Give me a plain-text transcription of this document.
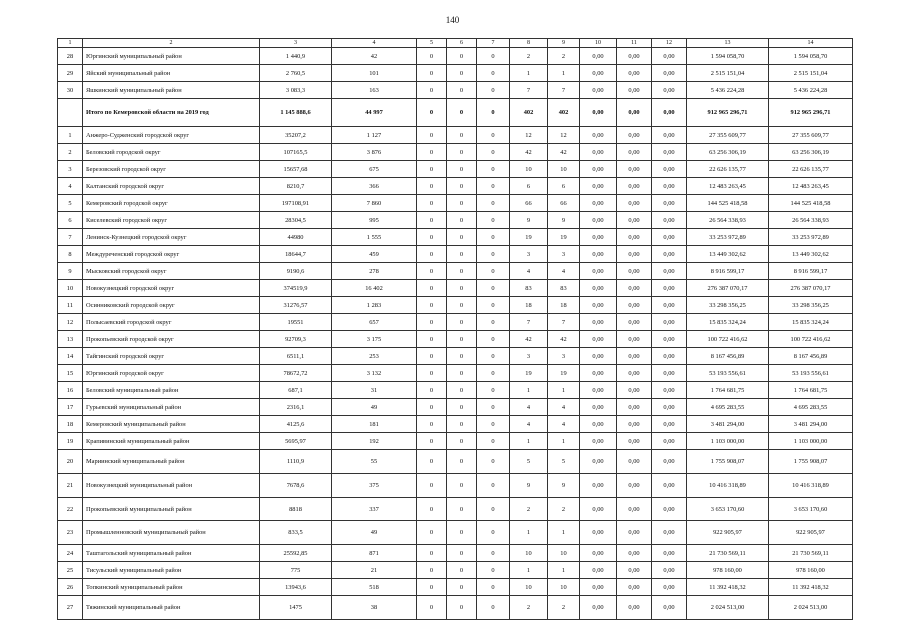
140
1	2	3	4	5	6	7	8	9	10	11	12	13	14
28	Юргинский муниципальный район	1 440,9	42	0	0	0	2	2	0,00	0,00	0,00	1 594 058,70	1 594 058,70
29	Яйский муниципальный район	2 760,5	101	0	0	0	1	1	0,00	0,00	0,00	2 515 151,04	2 515 151,04
30	Яшкинский муниципальный район	3 083,3	163	0	0	0	7	7	0,00	0,00	0,00	5 436 224,28	5 436 224,28
	Итого по Кемеровской области на 2019 год	1 145 888,6	44 997	0	0	0	402	402	0,00	0,00	0,00	912 965 296,71	912 965 296,71
1	Анжеро-Судженский городской округ	35207,2	1 127	0	0	0	12	12	0,00	0,00	0,00	27 355 609,77	27 355 609,77
2	Беловский городской округ	107165,5	3 876	0	0	0	42	42	0,00	0,00	0,00	63 256 306,19	63 256 306,19
3	Березовский городской округ	15657,68	675	0	0	0	10	10	0,00	0,00	0,00	22 626 135,77	22 626 135,77
4	Калтанский городской округ	8210,7	366	0	0	0	6	6	0,00	0,00	0,00	12 483 263,45	12 483 263,45
5	Кемеровский городской округ	197108,91	7 860	0	0	0	66	66	0,00	0,00	0,00	144 525 418,58	144 525 418,58
6	Киселевский городской округ	28304,5	995	0	0	0	9	9	0,00	0,00	0,00	26 564 338,93	26 564 338,93
7	Ленинск-Кузнецкий городской округ	44980	1 555	0	0	0	19	19	0,00	0,00	0,00	33 253 972,89	33 253 972,89
8	Междуреченский городской округ	18644,7	459	0	0	0	3	3	0,00	0,00	0,00	13 449 302,62	13 449 302,62
9	Мысковский городской округ	9190,6	278	0	0	0	4	4	0,00	0,00	0,00	8 916 599,17	8 916 599,17
10	Новокузнецкий городской округ	374519,9	16 402	0	0	0	83	83	0,00	0,00	0,00	276 387 070,17	276 387 070,17
11	Осинниковский городской округ	31276,57	1 283	0	0	0	18	18	0,00	0,00	0,00	33 298 356,25	33 298 356,25
12	Полысаевский городской округ	19551	657	0	0	0	7	7	0,00	0,00	0,00	15 835 324,24	15 835 324,24
13	Прокопьевский городской округ	92709,3	3 175	0	0	0	42	42	0,00	0,00	0,00	100 722 416,62	100 722 416,62
14	Тайгинский городской округ	6511,1	253	0	0	0	3	3	0,00	0,00	0,00	8 167 456,89	8 167 456,89
15	Юргинский городской округ	78672,72	3 132	0	0	0	19	19	0,00	0,00	0,00	53 193 556,61	53 193 556,61
16	Беловский муниципальный район	687,1	31	0	0	0	1	1	0,00	0,00	0,00	1 764 681,75	1 764 681,75
17	Гурьевский муниципальный район	2316,1	49	0	0	0	4	4	0,00	0,00	0,00	4 695 283,55	4 695 283,55
18	Кемеровский муниципальный район	4125,6	181	0	0	0	4	4	0,00	0,00	0,00	3 481 294,00	3 481 294,00
19	Крапивинский муниципальный район	5695,97	192	0	0	0	1	1	0,00	0,00	0,00	1 103 000,00	1 103 000,00
20	Мариинский муниципальный район	1110,9	55	0	0	0	5	5	0,00	0,00	0,00	1 755 908,07	1 755 908,07
21	Новокузнецкий муниципальный район	7678,6	375	0	0	0	9	9	0,00	0,00	0,00	10 416 318,89	10 416 318,89
22	Прокопьевский муниципальный район	8818	337	0	0	0	2	2	0,00	0,00	0,00	3 653 170,60	3 653 170,60
23	Промышленновский муниципальный район	833,5	49	0	0	0	1	1	0,00	0,00	0,00	922 905,97	922 905,97
24	Таштагольский муниципальный район	25592,85	871	0	0	0	10	10	0,00	0,00	0,00	21 730 569,11	21 730 569,11
25	Тисульский муниципальный район	775	21	0	0	0	1	1	0,00	0,00	0,00	978 160,00	978 160,00
26	Топкинский муниципальный район	13943,6	518	0	0	0	10	10	0,00	0,00	0,00	11 392 418,32	11 392 418,32
27	Тяжинский муниципальный район	1475	38	0	0	0	2	2	0,00	0,00	0,00	2 024 513,00	2 024 513,00
